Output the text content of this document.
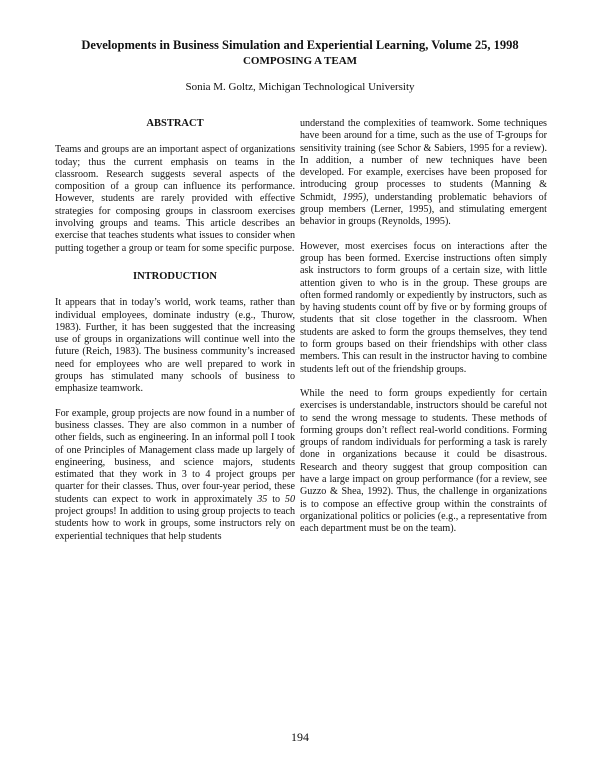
Developments in Business Simulation and Experiential Learning, Volume 25, 1998
COMPOSING A TEAM
Sonia M. Goltz, Michigan Technological University
ABSTRACT

Teams and groups are an important aspect of organizations today; thus the current emphasis on teams in the classroom. Research suggests several aspects of the composition of a group can influence its performance. However, students are rarely provided with effective strategies for composing groups in classroom exercises involving groups and teams. This article describes an exercise that teaches students what issues to consider when putting together a group or team for some specific purpose.

INTRODUCTION

It appears that in today’s world, work teams, rather than individual employees, dominate industry (e.g., Thurow, 1983). Further, it has been suggested that the increasing use of groups in organizations will continue well into the future (Reich, 1983). The business community’s increased need for employees who are well prepared to work in groups has stimulated many schools of business to emphasize teamwork.

For example, group projects are now found in a number of business classes. They are also common in a number of other fields, such as engineering. In an informal poll I took of one Principles of Management class made up largely of engineering, business, and science majors, students estimated that they work in 3 to 4 project groups per quarter for their classes. Thus, over four-year period, these students can expect to work in approximately 35 to 50 project groups! In addition to using group projects to teach students how to work in groups, some instructors rely on experiential techniques that help students

understand the complexities of teamwork. Some techniques have been around for a time, such as the use of T-groups for sensitivity training (see Schor & Sabiers, 1995 for a review). In addition, a number of new techniques have been developed. For example, exercises have been proposed for introducing group processes to students (Manning & Schmidt, 1995), understanding problematic behaviors of group members (Lerner, 1995), and stimulating emergent behavior in groups (Reynolds, 1995).

However, most exercises focus on interactions after the group has been formed. Exercise instructions often simply ask instructors to form groups of a certain size, with little attention given to who is in the group. These groups are often formed randomly or expediently by instructors, such as by having students count off by five or by forming groups of students that sit close together in the classroom. When students are asked to form the groups themselves, they tend to form groups based on their friendships with other class members. This can result in the instructor having to combine students left out of the friendship groups.

While the need to form groups expediently for certain exercises is understandable, instructors should be careful not to send the wrong message to students. These methods of forming groups don’t reflect real-world conditions. Forming groups of random individuals for performing a task is rarely done in organizations because it could be disastrous. Research and theory suggest that group composition can have a large impact on group performance (for a review, see Guzzo & Shea, 1992). Thus, the challenge in organizations is to compose an effective group within the constraints of organizational politics or policies (e.g., a representative from each department must be on the team).

194
